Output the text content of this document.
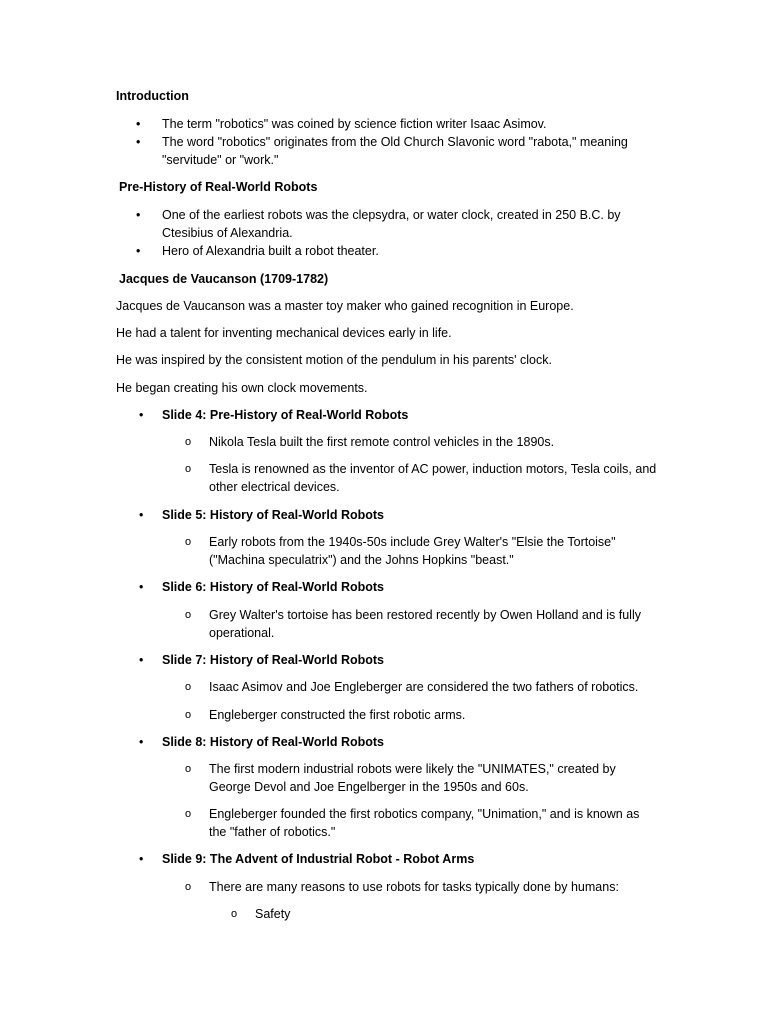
Introduction

•	The term "robotics" was coined by science fiction writer Isaac Asimov.

•	The word "robotics" originates from the Old Church Slavonic word "rabota," meaning "servitude" or "work."

Pre-History of Real-World Robots

•	One of the earliest robots was the clepsydra, or water clock, created in 250 B.C. by Ctesibius of Alexandria.

•	Hero of Alexandria built a robot theater.

Jacques de Vaucanson (1709-1782)

Jacques de Vaucanson was a master toy maker who gained recognition in Europe.

He had a talent for inventing mechanical devices early in life.

He was inspired by the consistent motion of the pendulum in his parents' clock.

He began creating his own clock movements.

• Slide 4: Pre-History of Real-World Robots

o Nikola Tesla built the first remote control vehicles in the 1890s.

o Tesla is renowned as the inventor of AC power, induction motors, Tesla coils, and other electrical devices.

• Slide 5: History of Real-World Robots

o Early robots from the 1940s-50s include Grey Walter's "Elsie the Tortoise" ("Machina speculatrix") and the Johns Hopkins "beast."

• Slide 6: History of Real-World Robots

o Grey Walter's tortoise has been restored recently by Owen Holland and is fully operational.

• Slide 7: History of Real-World Robots

o Isaac Asimov and Joe Engleberger are considered the two fathers of robotics.

o Engleberger constructed the first robotic arms.

• Slide 8: History of Real-World Robots

o The first modern industrial robots were likely the "UNIMATES," created by George Devol and Joe Engelberger in the 1950s and 60s.

o Engleberger founded the first robotics company, "Unimation," and is known as the "father of robotics."

• Slide 9: The Advent of Industrial Robot - Robot Arms

o There are many reasons to use robots for tasks typically done by humans:

o Safety
